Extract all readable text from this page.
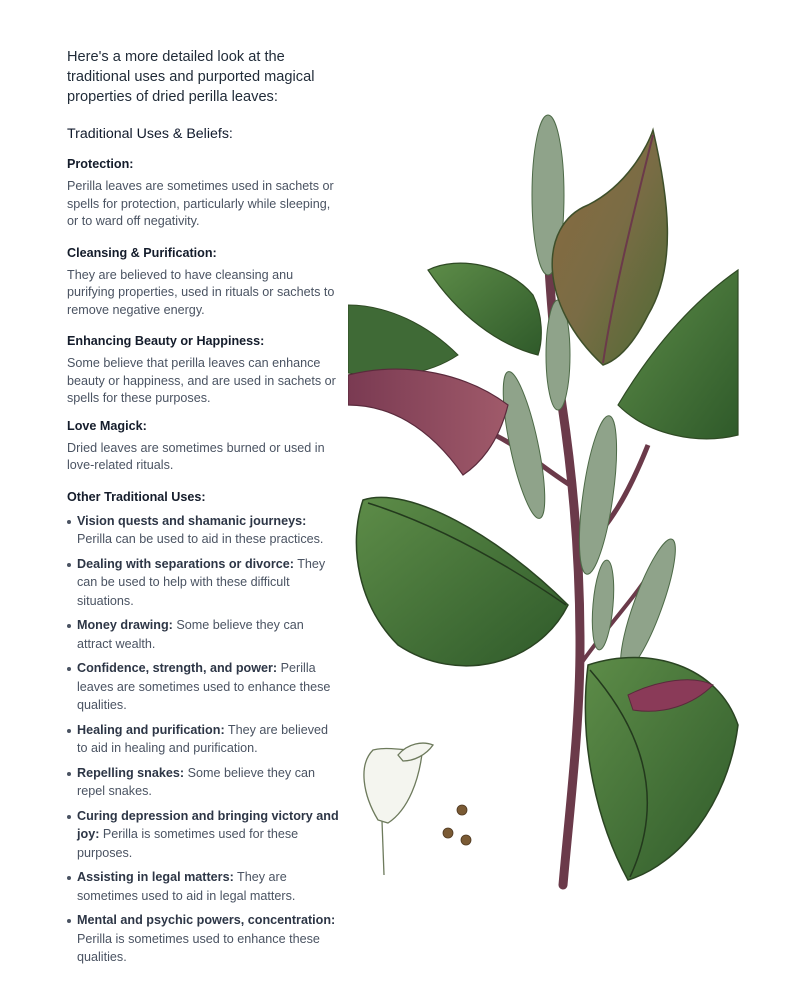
Here's a more detailed look at the traditional uses and purported magical properties of dried perilla leaves:

Traditional Uses & Beliefs:
Protection:

Perilla leaves are sometimes used in sachets or spells for protection, particularly while sleeping, or to ward off negativity.

Cleansing & Purification:

They are believed to have cleansing anu purifying properties, used in rituals or sachets to remove negative energy.

Enhancing Beauty or Happiness:

Some believe that perilla leaves can enhance beauty or happiness, and are used in sachets or spells for these purposes.

Love Magick:

Dried leaves are sometimes burned or used in love-related rituals.

Other Traditional Uses:
Vision quests and shamanic journeys: Perilla can be used to aid in these practices.
Dealing with separations or divorce: They can be used to help with these difficult situations.
Money drawing: Some believe they can attract wealth.
Confidence, strength, and power: Perilla leaves are sometimes used to enhance these qualities.
Healing and purification: They are believed to aid in healing and purification.
Repelling snakes: Some believe they can repel snakes.
Curing depression and bringing victory and joy: Perilla is sometimes used for these purposes.
Assisting in legal matters: They are sometimes used to aid in legal matters.
Mental and psychic powers, concentration: Perilla is sometimes used to enhance these qualities.
